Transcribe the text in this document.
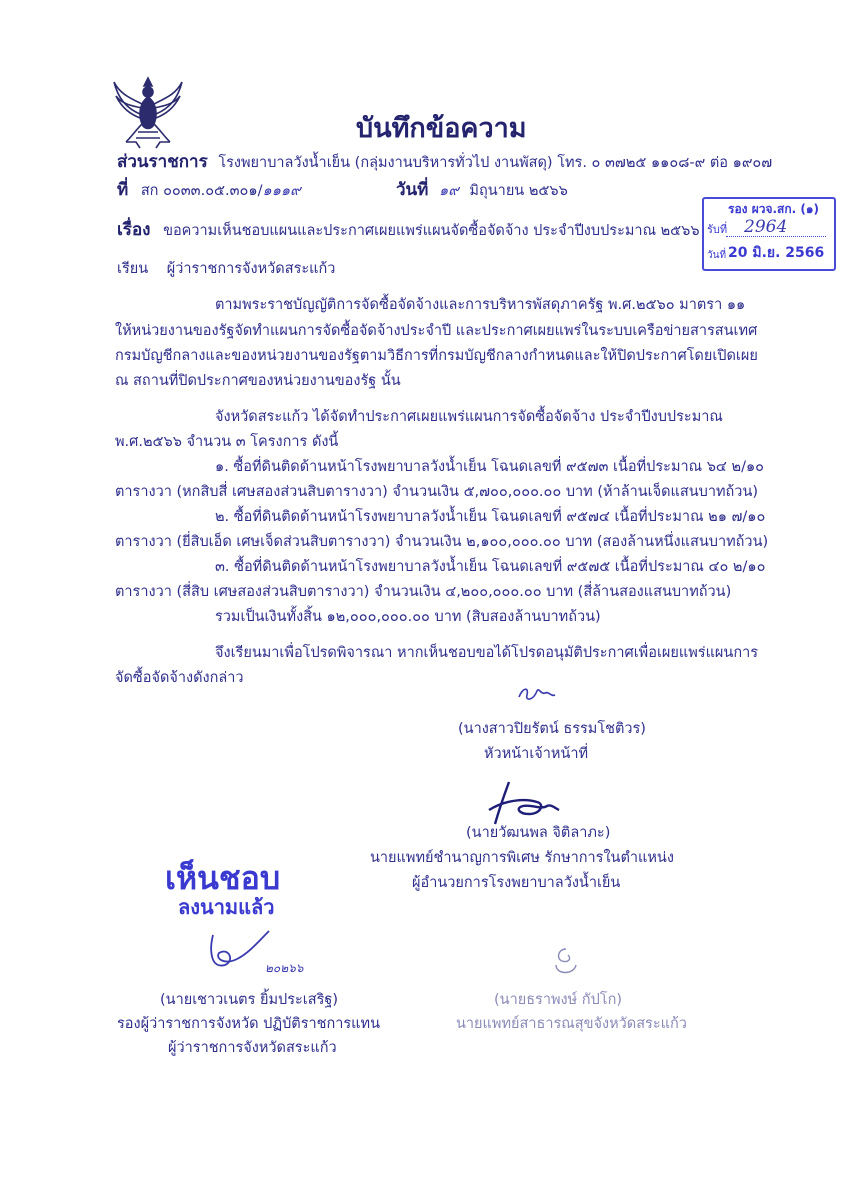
บันทึกข้อความ
ส่วนราชการ โรงพยาบาลวังน้ำเย็น (กลุ่มงานบริหารทั่วไป งานพัสดุ) โทร. ๐ ๓๗๒๕ ๑๑๐๘-๙ ต่อ ๑๙๐๗
ที่ สก ๐๐๓๓.๐๕.๓๐๑/๑๑๑๙	วันที่ ๑๙ มิถุนายน ๒๕๖๖
เรื่อง ขอความเห็นชอบแผนและประกาศเผยแพร่แผนจัดซื้อจัดจ้าง ประจำปีงบประมาณ ๒๕๖๖
รอง ผวจ.สก. (๑)
รับที่ 2964
วันที่ 20 มิ.ย. 2566
เรียน ผู้ว่าราชการจังหวัดสระแก้ว
ตามพระราชบัญญัติการจัดซื้อจัดจ้างและการบริหารพัสดุภาครัฐ พ.ศ.๒๕๖๐ มาตรา ๑๑
ให้หน่วยงานของรัฐจัดทำแผนการจัดซื้อจัดจ้างประจำปี และประกาศเผยแพร่ในระบบเครือข่ายสารสนเทศ
กรมบัญชีกลางและของหน่วยงานของรัฐตามวิธีการที่กรมบัญชีกลางกำหนดและให้ปิดประกาศโดยเปิดเผย
ณ สถานที่ปิดประกาศของหน่วยงานของรัฐ นั้น
จังหวัดสระแก้ว ได้จัดทำประกาศเผยแพร่แผนการจัดซื้อจัดจ้าง ประจำปีงบประมาณ
พ.ศ.๒๕๖๖ จำนวน ๓ โครงการ ดังนี้
๑. ซื้อที่ดินติดด้านหน้าโรงพยาบาลวังน้ำเย็น โฉนดเลขที่ ๙๕๗๓ เนื้อที่ประมาณ ๖๔ ๒/๑๐
ตารางวา (หกสิบสี่ เศษสองส่วนสิบตารางวา) จำนวนเงิน ๕,๗๐๐,๐๐๐.๐๐ บาท (ห้าล้านเจ็ดแสนบาทถ้วน)
๒. ซื้อที่ดินติดด้านหน้าโรงพยาบาลวังน้ำเย็น โฉนดเลขที่ ๙๕๗๔ เนื้อที่ประมาณ ๒๑ ๗/๑๐
ตารางวา (ยี่สิบเอ็ด เศษเจ็ดส่วนสิบตารางวา) จำนวนเงิน ๒,๑๐๐,๐๐๐.๐๐ บาท (สองล้านหนึ่งแสนบาทถ้วน)
๓. ซื้อที่ดินติดด้านหน้าโรงพยาบาลวังน้ำเย็น โฉนดเลขที่ ๙๕๗๕ เนื้อที่ประมาณ ๔๐ ๒/๑๐
ตารางวา (สี่สิบ เศษสองส่วนสิบตารางวา) จำนวนเงิน ๔,๒๐๐,๐๐๐.๐๐ บาท (สี่ล้านสองแสนบาทถ้วน)
รวมเป็นเงินทั้งสิ้น ๑๒,๐๐๐,๐๐๐.๐๐ บาท (สิบสองล้านบาทถ้วน)
จึงเรียนมาเพื่อโปรดพิจารณา หากเห็นชอบขอได้โปรดอนุมัติประกาศเพื่อเผยแพร่แผนการ
จัดซื้อจัดจ้างดังกล่าว
(นางสาวปิยรัตน์ ธรรมโชติวร)
หัวหน้าเจ้าหน้าที่
(นายวัฒนพล จิติลาภะ)
นายแพทย์ชำนาญการพิเศษ รักษาการในตำแหน่ง
ผู้อำนวยการโรงพยาบาลวังน้ำเย็น
เห็นชอบ
ลงนามแล้ว
๒๐๒๖๖
(นายเชาวเนตร ยิ้มประเสริฐ)
รองผู้ว่าราชการจังหวัด ปฏิบัติราชการแทน
ผู้ว่าราชการจังหวัดสระแก้ว
(นายธราพงษ์ กัปโก)
นายแพทย์สาธารณสุขจังหวัดสระแก้ว
